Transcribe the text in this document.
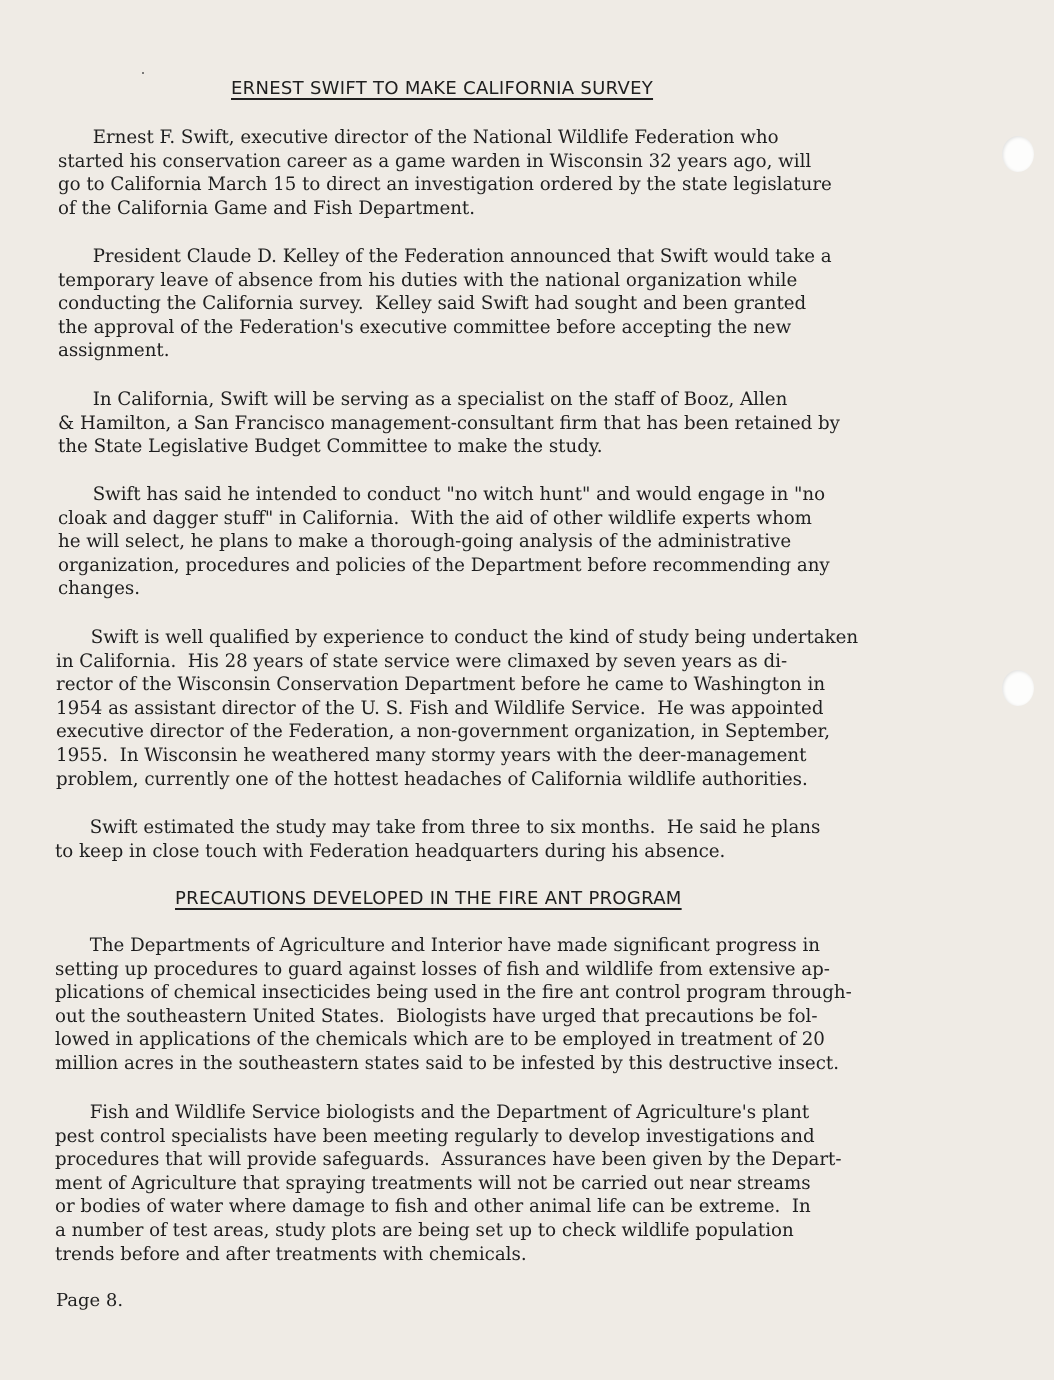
ERNEST SWIFT TO MAKE CALIFORNIA SURVEY
Ernest F. Swift, executive director of the National Wildlife Federation who
started his conservation career as a game warden in Wisconsin 32 years ago, will
go to California March 15 to direct an investigation ordered by the state legislature
of the California Game and Fish Department.
President Claude D. Kelley of the Federation announced that Swift would take a
temporary leave of absence from his duties with the national organization while
conducting the California survey.  Kelley said Swift had sought and been granted
the approval of the Federation's executive committee before accepting the new
assignment.
In California, Swift will be serving as a specialist on the staff of Booz, Allen
& Hamilton, a San Francisco management-consultant firm that has been retained by
the State Legislative Budget Committee to make the study.
Swift has said he intended to conduct "no witch hunt" and would engage in "no
cloak and dagger stuff" in California.  With the aid of other wildlife experts whom
he will select, he plans to make a thorough-going analysis of the administrative
organization, procedures and policies of the Department before recommending any
changes.
Swift is well qualified by experience to conduct the kind of study being undertaken
in California.  His 28 years of state service were climaxed by seven years as di-
rector of the Wisconsin Conservation Department before he came to Washington in
1954 as assistant director of the U. S. Fish and Wildlife Service.  He was appointed
executive director of the Federation, a non-government organization, in September,
1955.  In Wisconsin he weathered many stormy years with the deer-management
problem, currently one of the hottest headaches of California wildlife authorities.
Swift estimated the study may take from three to six months.  He said he plans
to keep in close touch with Federation headquarters during his absence.
PRECAUTIONS DEVELOPED IN THE FIRE ANT PROGRAM
The Departments of Agriculture and Interior have made significant progress in
setting up procedures to guard against losses of fish and wildlife from extensive ap-
plications of chemical insecticides being used in the fire ant control program through-
out the southeastern United States.  Biologists have urged that precautions be fol-
lowed in applications of the chemicals which are to be employed in treatment of 20
million acres in the southeastern states said to be infested by this destructive insect.
Fish and Wildlife Service biologists and the Department of Agriculture's plant
pest control specialists have been meeting regularly to develop investigations and
procedures that will provide safeguards.  Assurances have been given by the Depart-
ment of Agriculture that spraying treatments will not be carried out near streams
or bodies of water where damage to fish and other animal life can be extreme.  In
a number of test areas, study plots are being set up to check wildlife population
trends before and after treatments with chemicals.
Page 8.
